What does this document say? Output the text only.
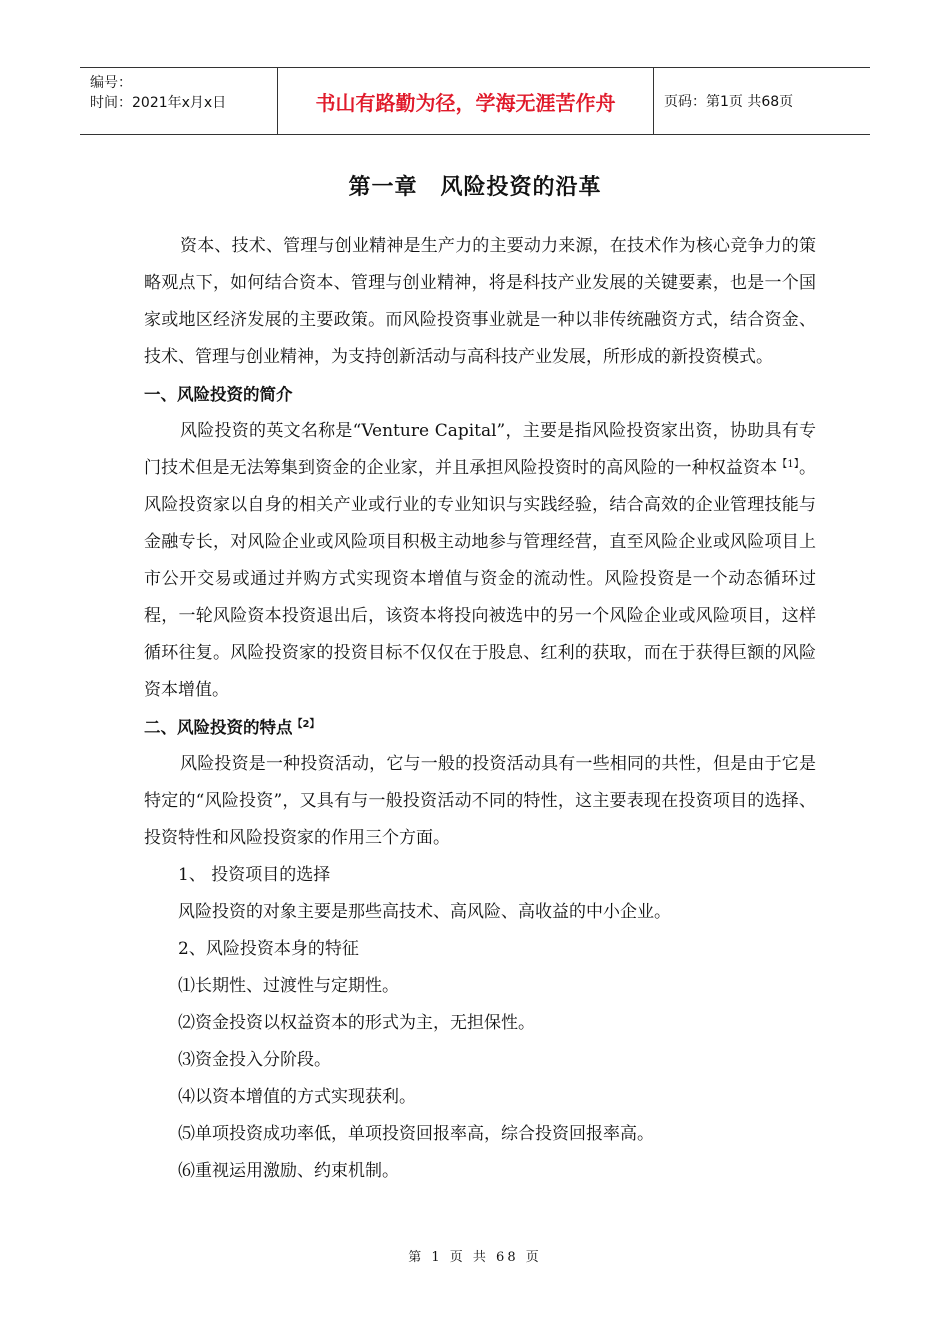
编号：
时间：2021年x月x日	书山有路勤为径，学海无涯苦作舟	页码：第1页 共68页
第一章　风险投资的沿革

资本、技术、管理与创业精神是生产力的主要动力来源，在技术作为核心竞争力的策略观点下，如何结合资本、管理与创业精神，将是科技产业发展的关键要素，也是一个国家或地区经济发展的主要政策。而风险投资事业就是一种以非传统融资方式，结合资金、技术、管理与创业精神，为支持创新活动与高科技产业发展，所形成的新投资模式。

一、风险投资的简介

风险投资的英文名称是“Venture Capital”，主要是指风险投资家出资，协助具有专门技术但是无法筹集到资金的企业家，并且承担风险投资时的高风险的一种权益资本$^{【1】}$。风险投资家以自身的相关产业或行业的专业知识与实践经验，结合高效的企业管理技能与金融专长，对风险企业或风险项目积极主动地参与管理经营，直至风险企业或风险项目上市公开交易或通过并购方式实现资本增值与资金的流动性。风险投资是一个动态循环过程，一轮风险资本投资退出后，该资本将投向被选中的另一个风险企业或风险项目，这样循环往复。风险投资家的投资目标不仅仅在于股息、红利的获取，而在于获得巨额的风险资本增值。

二、风险投资的特点$^{【2】}$

风险投资是一种投资活动，它与一般的投资活动具有一些相同的共性，但是由于它是特定的“风险投资”，又具有与一般投资活动不同的特性，这主要表现在投资项目的选择、投资特性和风险投资家的作用三个方面。

1、 投资项目的选择

风险投资的对象主要是那些高技术、高风险、高收益的中小企业。

2、风险投资本身的特征

⑴长期性、过渡性与定期性。

⑵资金投资以权益资本的形式为主，无担保性。

⑶资金投入分阶段。

⑷以资本增值的方式实现获利。

⑸单项投资成功率低，单项投资回报率高，综合投资回报率高。

⑹重视运用激励、约束机制。

第 1 页 共 68 页
